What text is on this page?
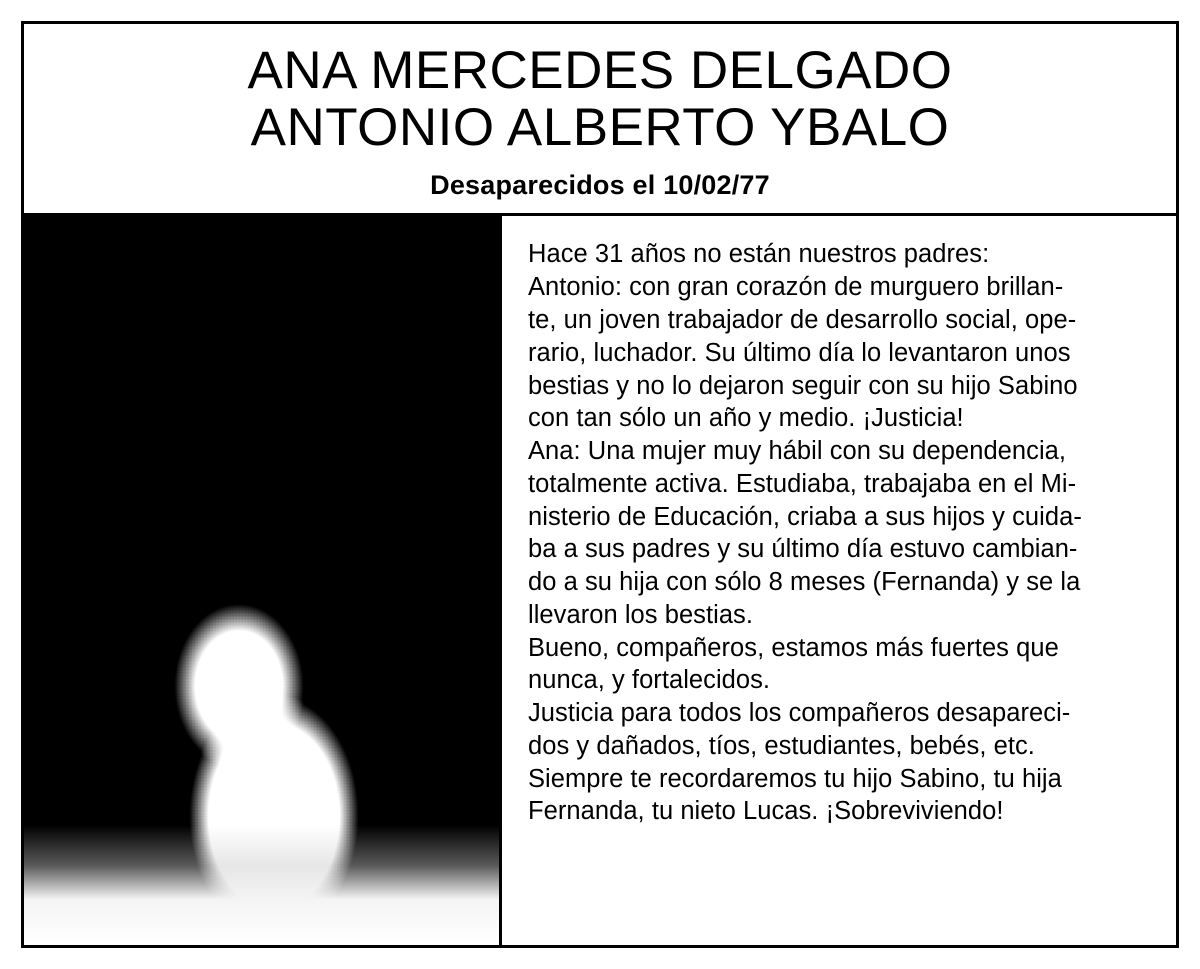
ANA MERCEDES DELGADO
ANTONIO ALBERTO YBALO
Desaparecidos el 10/02/77

Hace 31 años no están nuestros padres:

Antonio: con gran corazón de murguero brillan-

te, un joven trabajador de desarrollo social, ope-

rario, luchador. Su último día lo levantaron unos

bestias y no lo dejaron seguir con su hijo Sabino

con tan sólo un año y medio. ¡Justicia!

Ana: Una mujer muy hábil con su dependencia,

totalmente activa. Estudiaba, trabajaba en el Mi-

nisterio de Educación, criaba a sus hijos y cuida-

ba a sus padres y su último día estuvo cambian-

do a su hija con sólo 8 meses (Fernanda) y se la

llevaron los bestias.

Bueno, compañeros, estamos más fuertes que

nunca, y fortalecidos.

Justicia para todos los compañeros desapareci-

dos y dañados, tíos, estudiantes, bebés, etc.

Siempre te recordaremos tu hijo Sabino, tu hija

Fernanda, tu nieto Lucas. ¡Sobreviviendo!
